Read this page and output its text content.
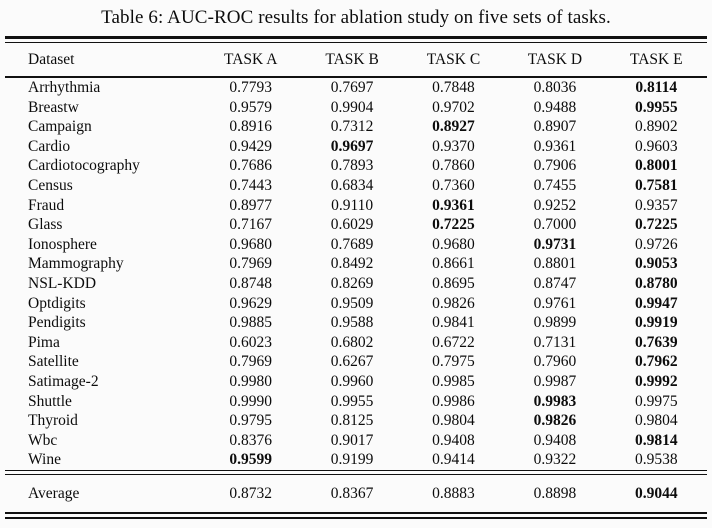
Table 6: AUC-ROC results for ablation study on five sets of tasks.
Dataset	TASK A	TASK B	TASK C	TASK D	TASK E
Arrhythmia	0.7793	0.7697	0.7848	0.8036	0.8114
Breastw	0.9579	0.9904	0.9702	0.9488	0.9955
Campaign	0.8916	0.7312	0.8927	0.8907	0.8902
Cardio	0.9429	0.9697	0.9370	0.9361	0.9603
Cardiotocography	0.7686	0.7893	0.7860	0.7906	0.8001
Census	0.7443	0.6834	0.7360	0.7455	0.7581
Fraud	0.8977	0.9110	0.9361	0.9252	0.9357
Glass	0.7167	0.6029	0.7225	0.7000	0.7225
Ionosphere	0.9680	0.7689	0.9680	0.9731	0.9726
Mammography	0.7969	0.8492	0.8661	0.8801	0.9053
NSL-KDD	0.8748	0.8269	0.8695	0.8747	0.8780
Optdigits	0.9629	0.9509	0.9826	0.9761	0.9947
Pendigits	0.9885	0.9588	0.9841	0.9899	0.9919
Pima	0.6023	0.6802	0.6722	0.7131	0.7639
Satellite	0.7969	0.6267	0.7975	0.7960	0.7962
Satimage-2	0.9980	0.9960	0.9985	0.9987	0.9992
Shuttle	0.9990	0.9955	0.9986	0.9983	0.9975
Thyroid	0.9795	0.8125	0.9804	0.9826	0.9804
Wbc	0.8376	0.9017	0.9408	0.9408	0.9814
Wine	0.9599	0.9199	0.9414	0.9322	0.9538
Average	0.8732	0.8367	0.8883	0.8898	0.9044
